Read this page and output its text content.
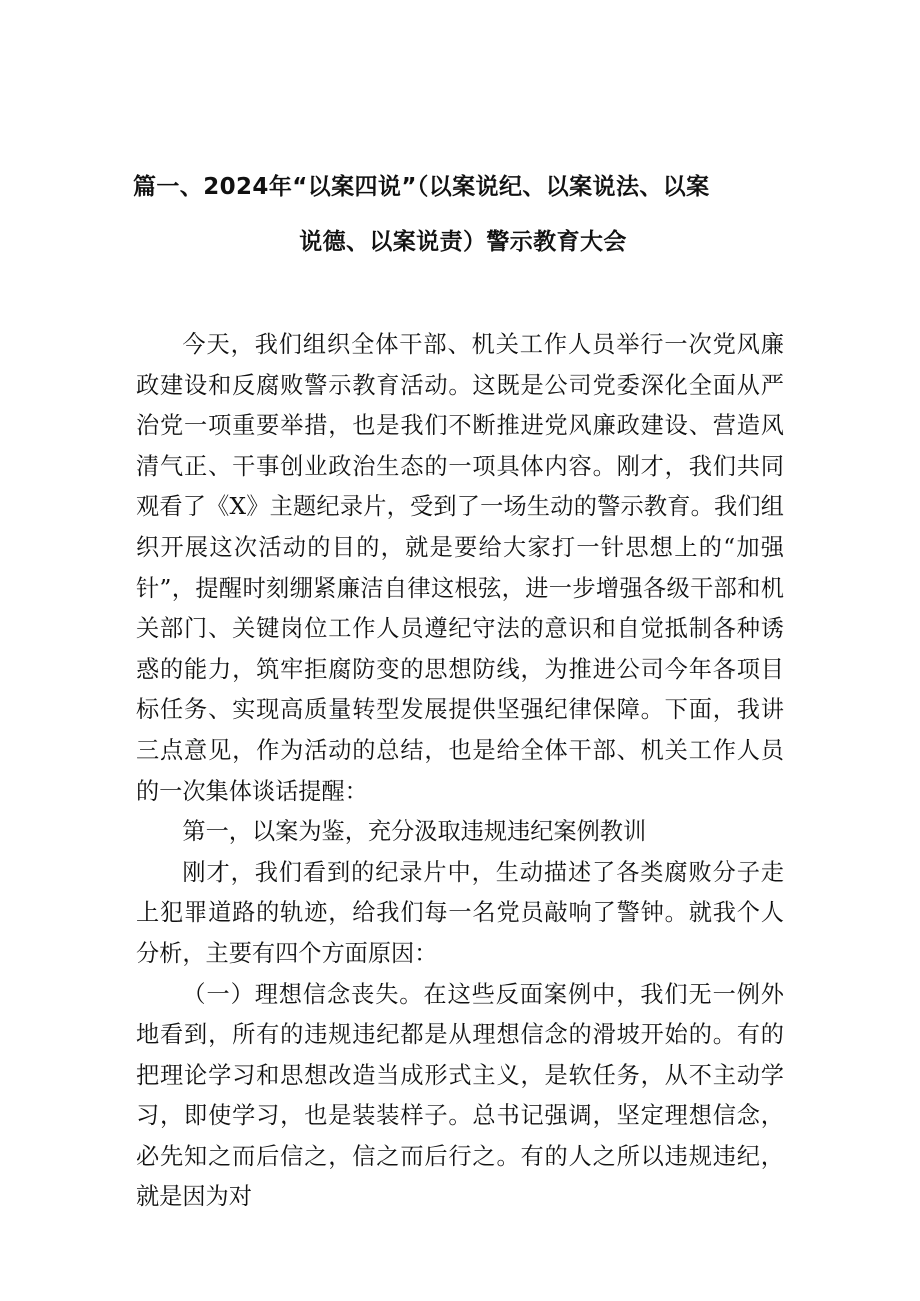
篇一、2024年“以案四说”（以案说纪、以案说法、以案
说德、以案说责）警示教育大会

今天，我们组织全体干部、机关工作人员举行一次党风廉政建设和反腐败警示教育活动。这既是公司党委深化全面从严治党一项重要举措，也是我们不断推进党风廉政建设、营造风清气正、干事创业政治生态的一项具体内容。刚才，我们共同观看了《X》主题纪录片，受到了一场生动的警示教育。我们组织开展这次活动的目的，就是要给大家打一针思想上的“加强针”，提醒时刻绷紧廉洁自律这根弦，进一步增强各级干部和机关部门、关键岗位工作人员遵纪守法的意识和自觉抵制各种诱惑的能力，筑牢拒腐防变的思想防线，为推进公司今年各项目标任务、实现高质量转型发展提供坚强纪律保障。下面，我讲三点意见，作为活动的总结，也是给全体干部、机关工作人员的一次集体谈话提醒：

第一，以案为鉴，充分汲取违规违纪案例教训

刚才，我们看到的纪录片中，生动描述了各类腐败分子走上犯罪道路的轨迹，给我们每一名党员敲响了警钟。就我个人分析，主要有四个方面原因：

（一）理想信念丧失。在这些反面案例中，我们无一例外地看到，所有的违规违纪都是从理想信念的滑坡开始的。有的把理论学习和思想改造当成形式主义，是软任务，从不主动学习，即使学习，也是装装样子。总书记强调，坚定理想信念，必先知之而后信之，信之而后行之。有的人之所以违规违纪，就是因为对
